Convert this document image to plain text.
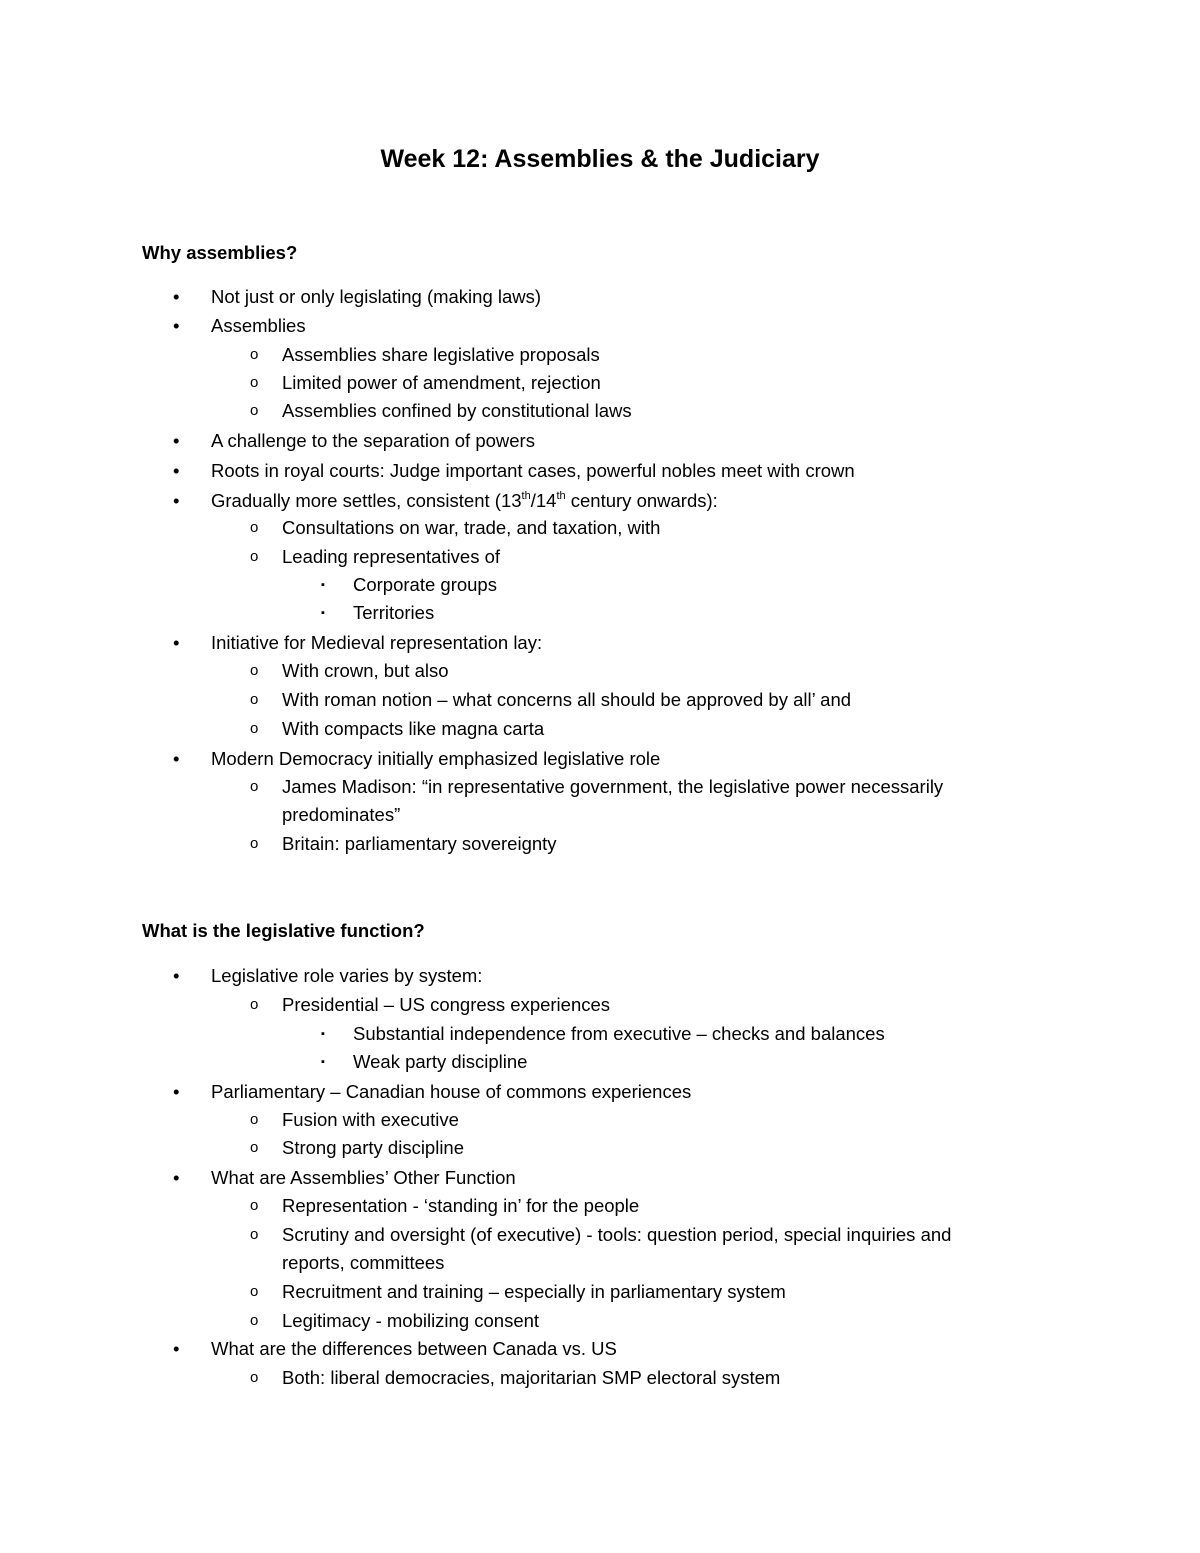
Week 12: Assemblies & the Judiciary
Why assemblies?
• Not just or only legislating (making laws)
• Assemblies
o Assemblies share legislative proposals
o Limited power of amendment, rejection
o Assemblies confined by constitutional laws
• A challenge to the separation of powers
• Roots in royal courts: Judge important cases, powerful nobles meet with crown
• Gradually more settles, consistent (13th/14th century onwards):
o Consultations on war, trade, and taxation, with
o Leading representatives of
▪ Corporate groups
▪ Territories
• Initiative for Medieval representation lay:
o With crown, but also
o With roman notion – what concerns all should be approved by all’ and
o With compacts like magna carta
• Modern Democracy initially emphasized legislative role
o James Madison: “in representative government, the legislative power necessarily
predominates”
o Britain: parliamentary sovereignty
What is the legislative function?
• Legislative role varies by system:
o Presidential – US congress experiences
▪ Substantial independence from executive – checks and balances
▪ Weak party discipline
• Parliamentary – Canadian house of commons experiences
o Fusion with executive
o Strong party discipline
• What are Assemblies’ Other Function
o Representation - ‘standing in’ for the people
o Scrutiny and oversight (of executive) - tools: question period, special inquiries and
reports, committees
o Recruitment and training – especially in parliamentary system
o Legitimacy - mobilizing consent
• What are the differences between Canada vs. US
o Both: liberal democracies, majoritarian SMP electoral system
